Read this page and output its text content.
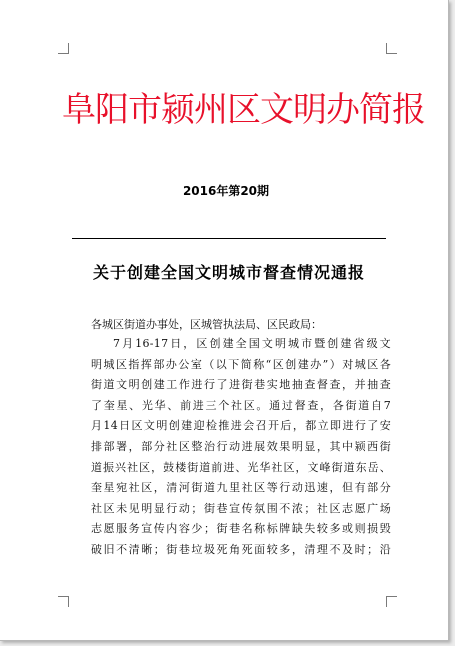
阜阳市颍州区文明办简报
2016年第20期
关于创建全国文明城市督查情况通报
各城区街道办事处，区城管执法局、区民政局：
7月16-17日，区创建全国文明城市暨创建省级文
明城区指挥部办公室（以下简称“区创建办”）对城区各
街道文明创建工作进行了进街巷实地抽查督查，并抽查
了奎星、光华、前进三个社区。通过督查，各街道自7
月14日区文明创建迎检推进会召开后，都立即进行了安
排部署，部分社区整治行动进展效果明显，其中颍西街
道振兴社区，鼓楼街道前进、光华社区，文峰街道东岳、
奎星宛社区，清河街道九里社区等行动迅速，但有部分
社区未见明显行动；街巷宣传氛围不浓；社区志愿广场
志愿服务宣传内容少；街巷名称标牌缺失较多或则损毁
破旧不清晰；街巷垃圾死角死面较多，清理不及时；沿
